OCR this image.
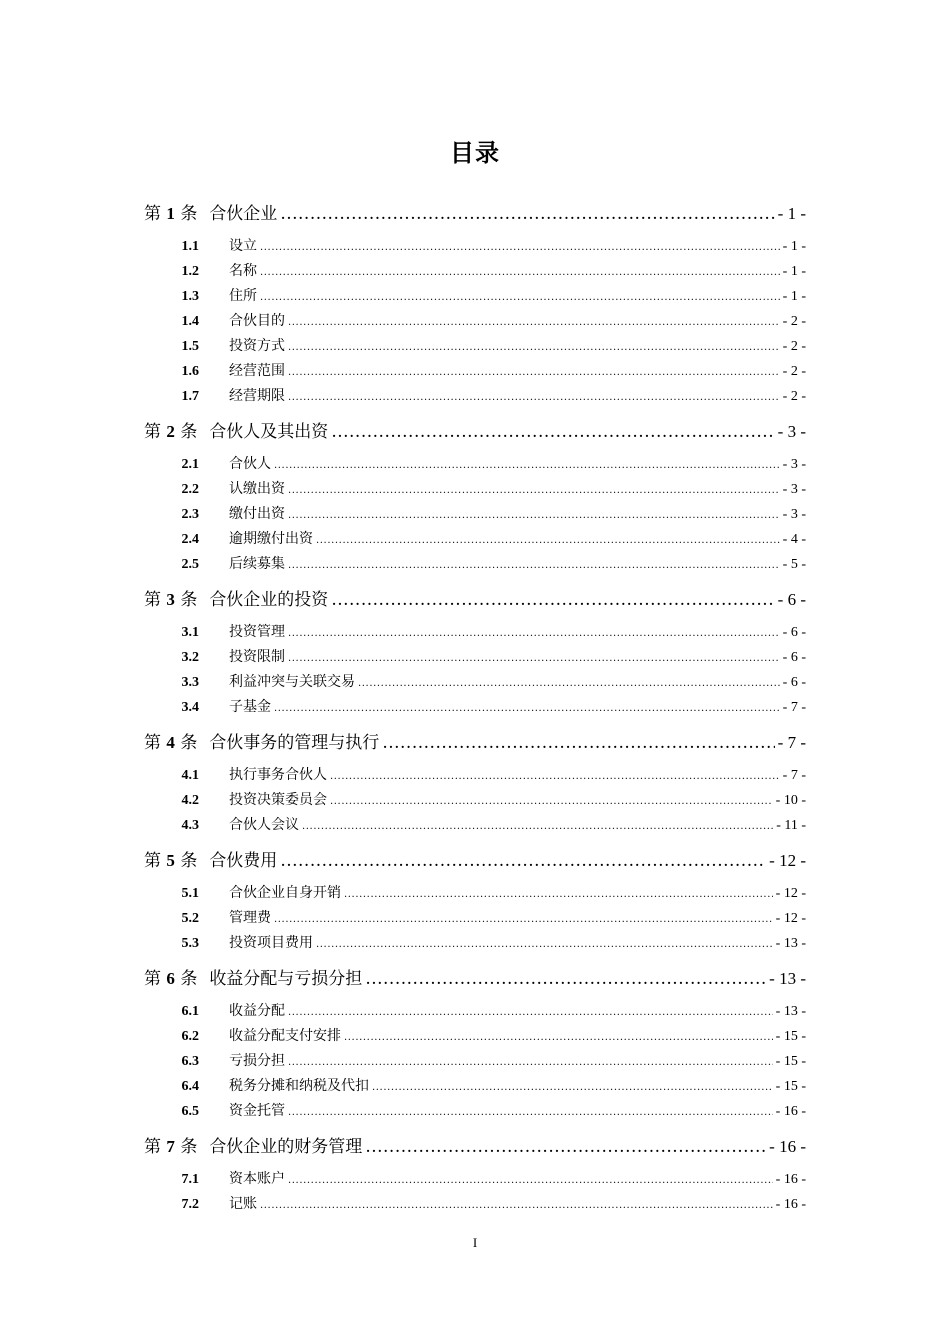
目录
第 1 条 合伙企业 .....	- 1 -
1.1 设立 .....	- 1 -
1.2 名称 .....	- 1 -
1.3 住所 .....	- 1 -
1.4 合伙目的 .....	- 2 -
1.5 投资方式 .....	- 2 -
1.6 经营范围 .....	- 2 -
1.7 经营期限 .....	- 2 -
第 2 条 合伙人及其出资 .....	- 3 -
2.1 合伙人 .....	- 3 -
2.2 认缴出资 .....	- 3 -
2.3 缴付出资 .....	- 3 -
2.4 逾期缴付出资 .....	- 4 -
2.5 后续募集 .....	- 5 -
第 3 条 合伙企业的投资 .....	- 6 -
3.1 投资管理 .....	- 6 -
3.2 投资限制 .....	- 6 -
3.3 利益冲突与关联交易 .....	- 6 -
3.4 子基金 .....	- 7 -
第 4 条 合伙事务的管理与执行 .....	- 7 -
4.1 执行事务合伙人 .....	- 7 -
4.2 投资决策委员会 .....	- 10 -
4.3 合伙人会议 .....	- 11 -
第 5 条 合伙费用 .....	- 12 -
5.1 合伙企业自身开销 .....	- 12 -
5.2 管理费 .....	- 12 -
5.3 投资项目费用 .....	- 13 -
第 6 条 收益分配与亏损分担 .....	- 13 -
6.1 收益分配 .....	- 13 -
6.2 收益分配支付安排 .....	- 15 -
6.3 亏损分担 .....	- 15 -
6.4 税务分摊和纳税及代扣 .....	- 15 -
6.5 资金托管 .....	- 16 -
第 7 条 合伙企业的财务管理 .....	- 16 -
7.1 资本账户 .....	- 16 -
7.2 记账 .....	- 16 -
I
